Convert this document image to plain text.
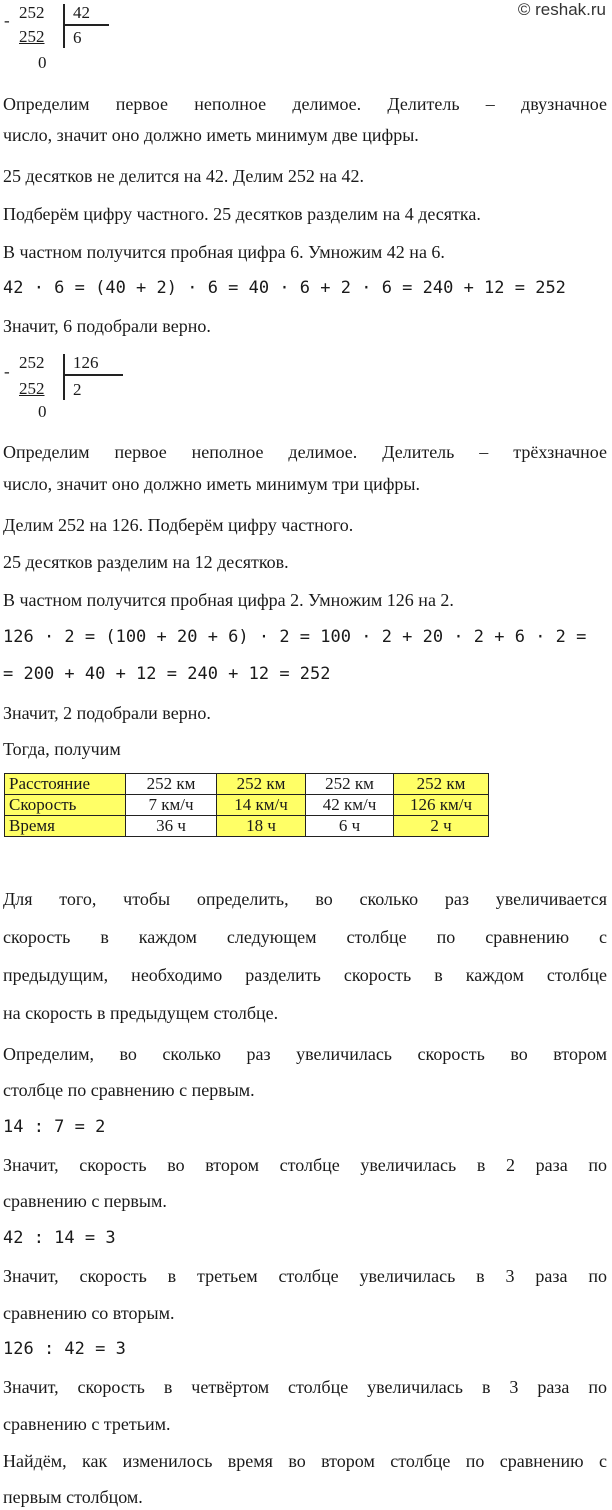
© reshak.ru
- 252 42
252 6
0
Определим первое неполное делимое. Делитель – двузначное
число, значит оно должно иметь минимум две цифры.
25 десятков не делится на 42. Делим 252 на 42.
Подберём цифру частного. 25 десятков разделим на 4 десятка.
В частном получится пробная цифра 6. Умножим 42 на 6.
42 ⋅ 6 = (40 + 2) ⋅ 6 = 40 ⋅ 6 + 2 ⋅ 6 = 240 + 12 = 252
Значит, 6 подобрали верно.
- 252 126
252 2
0
Определим первое неполное делимое. Делитель – трёхзначное
число, значит оно должно иметь минимум три цифры.
Делим 252 на 126. Подберём цифру частного.
25 десятков разделим на 12 десятков.
В частном получится пробная цифра 2. Умножим 126 на 2.
126 ⋅ 2 = (100 + 20 + 6) ⋅ 2 = 100 ⋅ 2 + 20 ⋅ 2 + 6 ⋅ 2 =
= 200 + 40 + 12 = 240 + 12 = 252
Значит, 2 подобрали верно.
Тогда, получим
Расстояние	252 км	252 км	252 км	252 км
Скорость	7 км/ч	14 км/ч	42 км/ч	126 км/ч
Время	36 ч	18 ч	6 ч	2 ч
Для того, чтобы определить, во сколько раз увеличивается
скорость в каждом следующем столбце по сравнению с
предыдущим, необходимо разделить скорость в каждом столбце
на скорость в предыдущем столбце.
Определим, во сколько раз увеличилась скорость во втором
столбце по сравнению с первым.
14 : 7 = 2
Значит, скорость во втором столбце увеличилась в 2 раза по
сравнению с первым.
42 : 14 = 3
Значит, скорость в третьем столбце увеличилась в 3 раза по
сравнению со вторым.
126 : 42 = 3
Значит, скорость в четвёртом столбце увеличилась в 3 раза по
сравнению с третьим.
Найдём, как изменилось время во втором столбце по сравнению с
первым столбцом.
